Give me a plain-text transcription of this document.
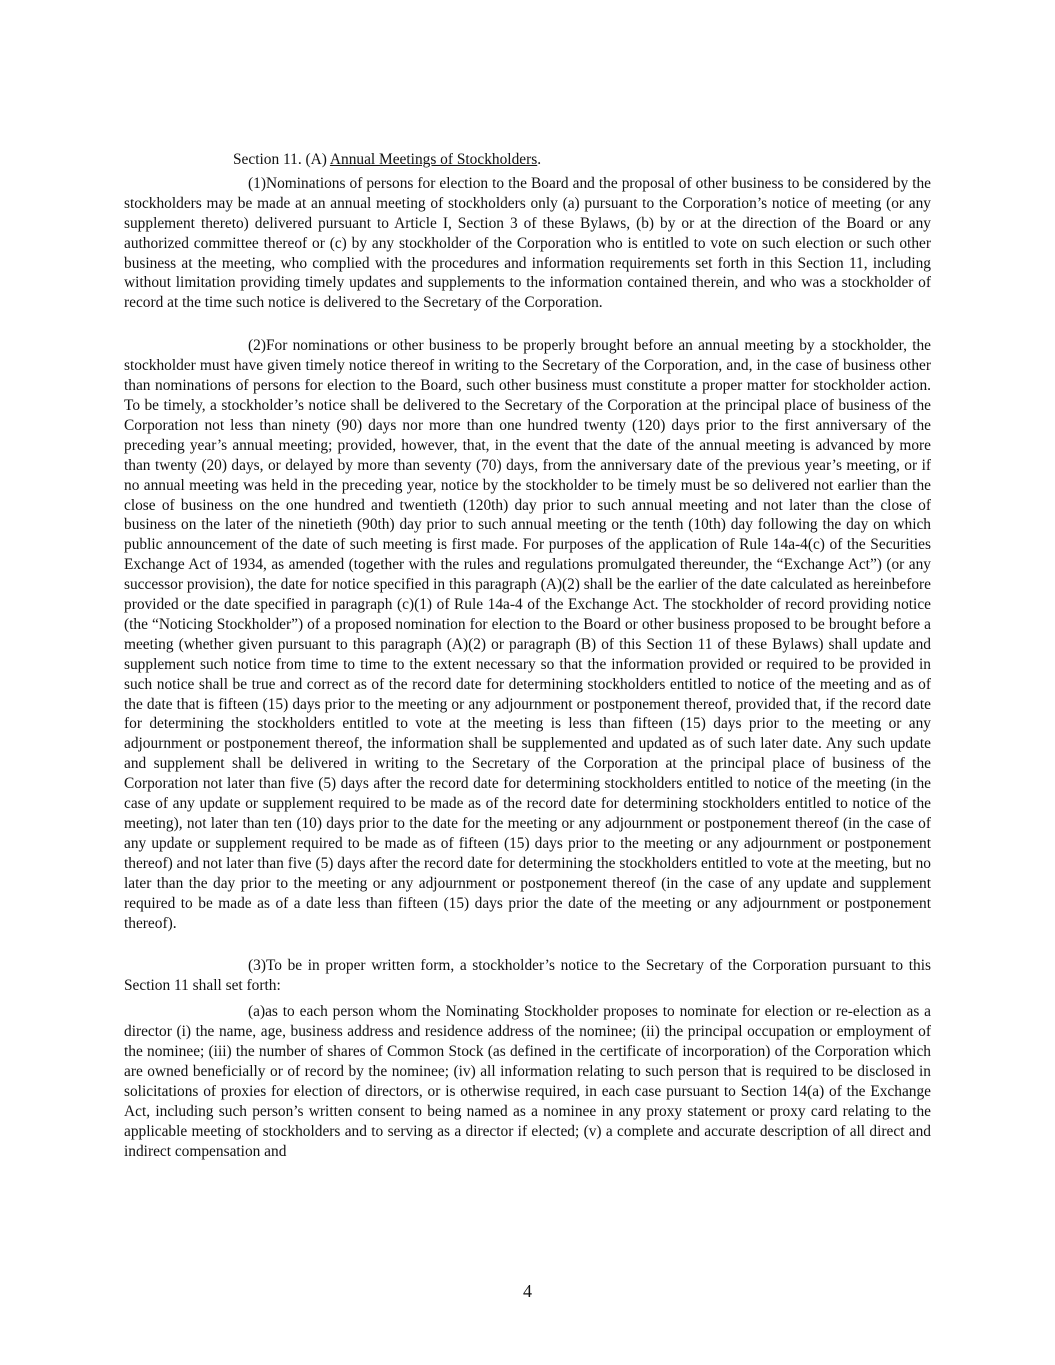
Section 11. (A) Annual Meetings of Stockholders.

(1)Nominations of persons for election to the Board and the proposal of other business to be considered by the stockholders may be made at an annual meeting of stockholders only (a) pursuant to the Corporation’s notice of meeting (or any supplement thereto) delivered pursuant to Article I, Section 3 of these Bylaws, (b) by or at the direction of the Board or any authorized committee thereof or (c) by any stockholder of the Corporation who is entitled to vote on such election or such other business at the meeting, who complied with the procedures and information requirements set forth in this Section 11, including without limitation providing timely updates and supplements to the information contained therein, and who was a stockholder of record at the time such notice is delivered to the Secretary of the Corporation.

(2)For nominations or other business to be properly brought before an annual meeting by a stockholder, the stockholder must have given timely notice thereof in writing to the Secretary of the Corporation, and, in the case of business other than nominations of persons for election to the Board, such other business must constitute a proper matter for stockholder action. To be timely, a stockholder’s notice shall be delivered to the Secretary of the Corporation at the principal place of business of the Corporation not less than ninety (90) days nor more than one hundred twenty (120) days prior to the first anniversary of the preceding year’s annual meeting; provided, however, that, in the event that the date of the annual meeting is advanced by more than twenty (20) days, or delayed by more than seventy (70) days, from the anniversary date of the previous year’s meeting, or if no annual meeting was held in the preceding year, notice by the stockholder to be timely must be so delivered not earlier than the close of business on the one hundred and twentieth (120th) day prior to such annual meeting and not later than the close of business on the later of the ninetieth (90th) day prior to such annual meeting or the tenth (10th) day following the day on which public announcement of the date of such meeting is first made. For purposes of the application of Rule 14a-4(c) of the Securities Exchange Act of 1934, as amended (together with the rules and regulations promulgated thereunder, the “Exchange Act”) (or any successor provision), the date for notice specified in this paragraph (A)(2) shall be the earlier of the date calculated as hereinbefore provided or the date specified in paragraph (c)(1) of Rule 14a-4 of the Exchange Act. The stockholder of record providing notice (the “Noticing Stockholder”) of a proposed nomination for election to the Board or other business proposed to be brought before a meeting (whether given pursuant to this paragraph (A)(2) or paragraph (B) of this Section 11 of these Bylaws) shall update and supplement such notice from time to time to the extent necessary so that the information provided or required to be provided in such notice shall be true and correct as of the record date for determining stockholders entitled to notice of the meeting and as of the date that is fifteen (15) days prior to the meeting or any adjournment or postponement thereof, provided that, if the record date for determining the stockholders entitled to vote at the meeting is less than fifteen (15) days prior to the meeting or any adjournment or postponement thereof, the information shall be supplemented and updated as of such later date. Any such update and supplement shall be delivered in writing to the Secretary of the Corporation at the principal place of business of the Corporation not later than five (5) days after the record date for determining stockholders entitled to notice of the meeting (in the case of any update or supplement required to be made as of the record date for determining stockholders entitled to notice of the meeting), not later than ten (10) days prior to the date for the meeting or any adjournment or postponement thereof (in the case of any update or supplement required to be made as of fifteen (15) days prior to the meeting or any adjournment or postponement thereof) and not later than five (5) days after the record date for determining the stockholders entitled to vote at the meeting, but no later than the day prior to the meeting or any adjournment or postponement thereof (in the case of any update and supplement required to be made as of a date less than fifteen (15) days prior the date of the meeting or any adjournment or postponement thereof).

(3)To be in proper written form, a stockholder’s notice to the Secretary of the Corporation pursuant to this Section 11 shall set forth:

(a)as to each person whom the Nominating Stockholder proposes to nominate for election or re-election as a director (i) the name, age, business address and residence address of the nominee; (ii) the principal occupation or employment of the nominee; (iii) the number of shares of Common Stock (as defined in the certificate of incorporation) of the Corporation which are owned beneficially or of record by the nominee; (iv) all information relating to such person that is required to be disclosed in solicitations of proxies for election of directors, or is otherwise required, in each case pursuant to Section 14(a) of the Exchange Act, including such person’s written consent to being named as a nominee in any proxy statement or proxy card relating to the applicable meeting of stockholders and to serving as a director if elected; (v) a complete and accurate description of all direct and indirect compensation and

4
